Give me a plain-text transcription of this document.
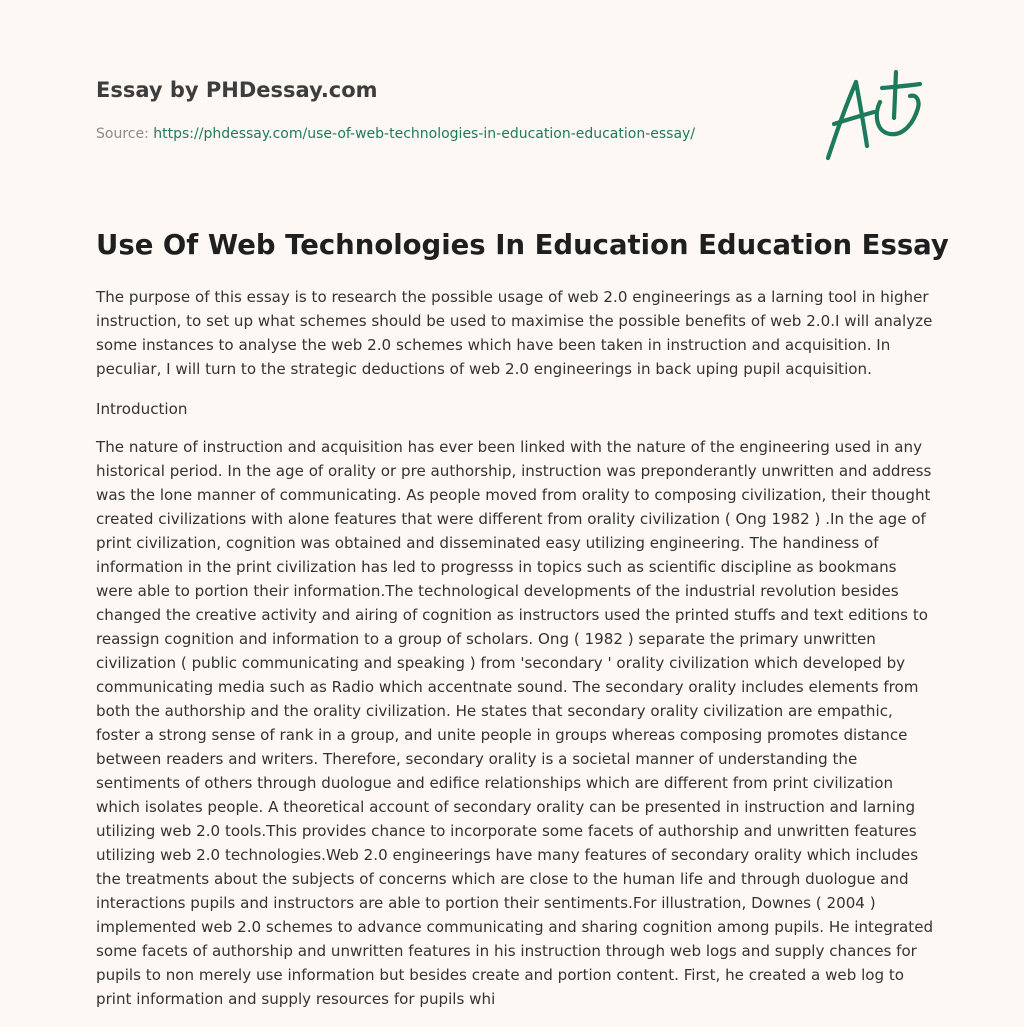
Essay by PHDessay.com
Source: https://phdessay.com/use-of-web-technologies-in-education-education-essay/
Use Of Web Technologies In Education Education Essay

The purpose of this essay is to research the possible usage of web 2.0 engineerings as a larning tool in higher instruction, to set up what schemes should be used to maximise the possible benefits of web 2.0.I will analyze some instances to analyse the web 2.0 schemes which have been taken in instruction and acquisition. In peculiar, I will turn to the strategic deductions of web 2.0 engineerings in back uping pupil acquisition.

Introduction

The nature of instruction and acquisition has ever been linked with the nature of the engineering used in any historical period. In the age of orality or pre authorship, instruction was preponderantly unwritten and address was the lone manner of communicating. As people moved from orality to composing civilization, their thought created civilizations with alone features that were different from orality civilization ( Ong 1982 ) .In the age of print civilization, cognition was obtained and disseminated easy utilizing engineering. The handiness of information in the print civilization has led to progresss in topics such as scientific discipline as bookmans were able to portion their information.The technological developments of the industrial revolution besides changed the creative activity and airing of cognition as instructors used the printed stuffs and text editions to reassign cognition and information to a group of scholars. Ong ( 1982 ) separate the primary unwritten civilization ( public communicating and speaking ) from 'secondary ' orality civilization which developed by communicating media such as Radio which accentnate sound. The secondary orality includes elements from both the authorship and the orality civilization. He states that secondary orality civilization are empathic, foster a strong sense of rank in a group, and unite people in groups whereas composing promotes distance between readers and writers. Therefore, secondary orality is a societal manner of understanding the sentiments of others through duologue and edifice relationships which are different from print civilization which isolates people. A theoretical account of secondary orality can be presented in instruction and larning utilizing web 2.0 tools.This provides chance to incorporate some facets of authorship and unwritten features utilizing web 2.0 technologies.Web 2.0 engineerings have many features of secondary orality which includes the treatments about the subjects of concerns which are close to the human life and through duologue and interactions pupils and instructors are able to portion their sentiments.For illustration, Downes ( 2004 ) implemented web 2.0 schemes to advance communicating and sharing cognition among pupils. He integrated some facets of authorship and unwritten features in his instruction through web logs and supply chances for pupils to non merely use information but besides create and portion content. First, he created a web log to print information and supply resources for pupils whi
